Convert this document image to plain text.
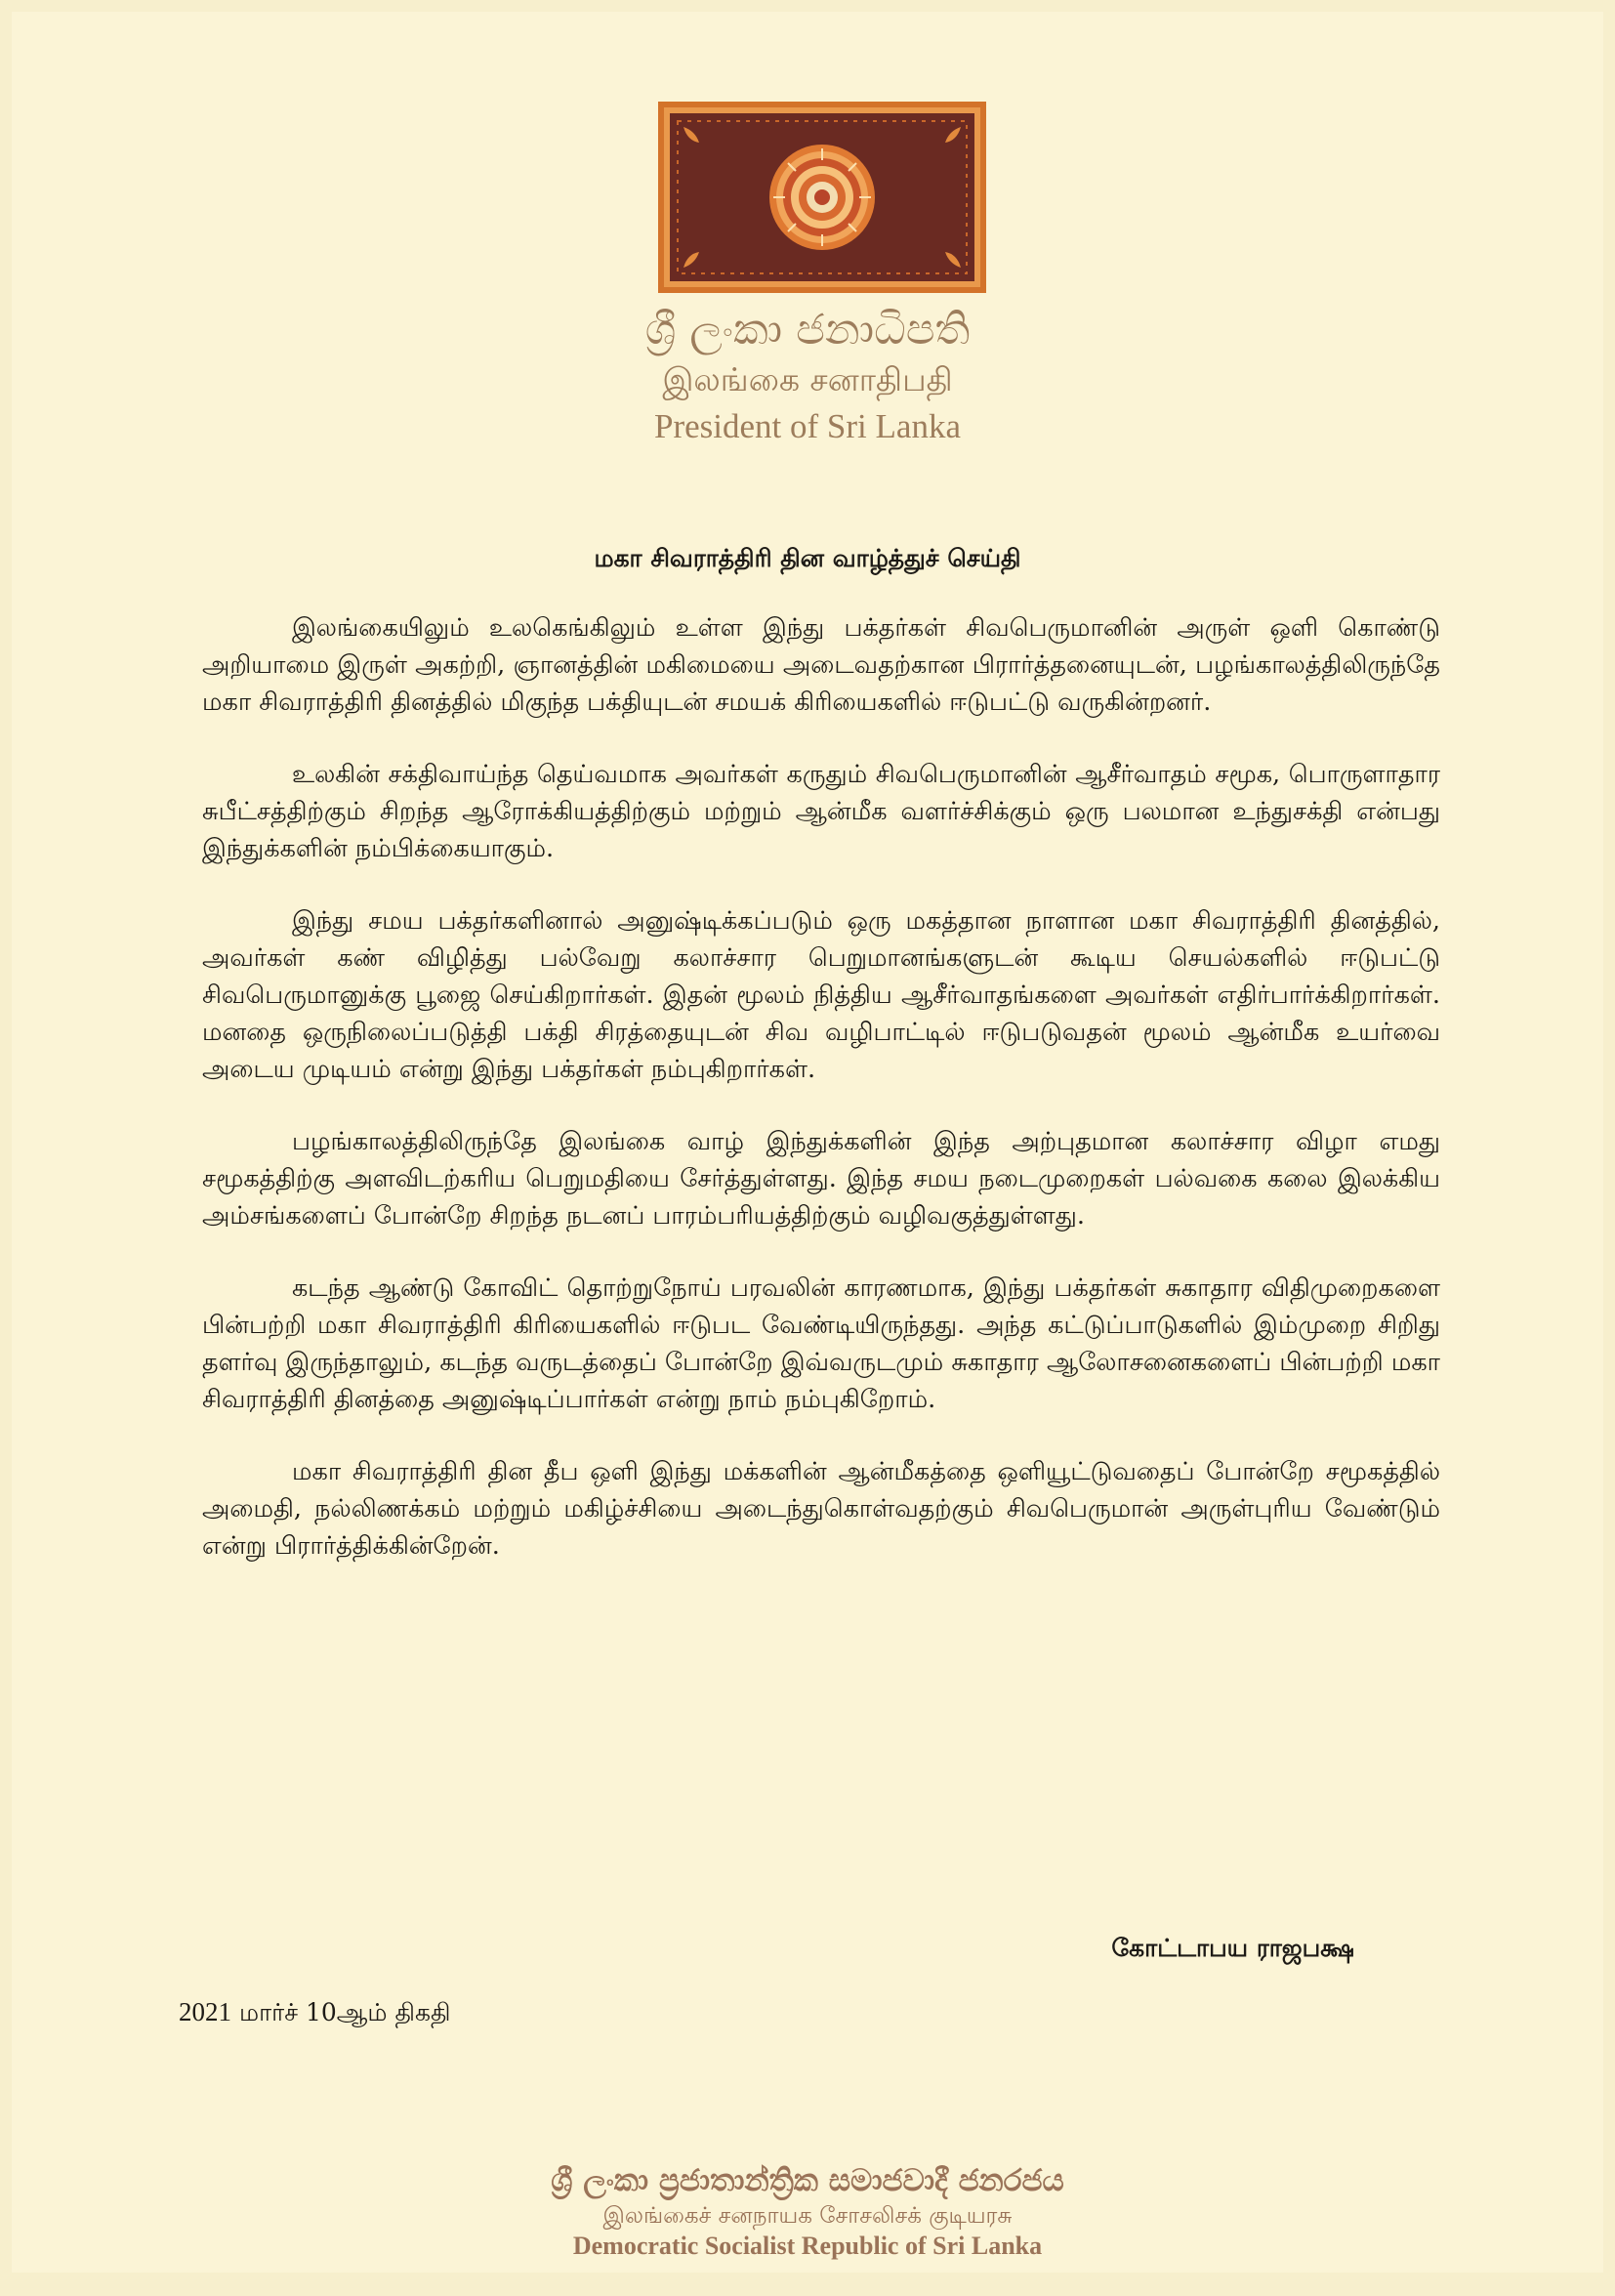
ශ්‍රී ලංකා ජනාධිපති
இலங்கை சனாதிபதி
President of Sri Lanka
மகா சிவராத்திரி தின வாழ்த்துச் செய்தி

இலங்கையிலும் உலகெங்கிலும் உள்ள இந்து பக்தர்கள் சிவபெருமானின் அருள் ஒளி கொண்டு அறியாமை இருள் அகற்றி, ஞானத்தின் மகிமையை அடைவதற்கான பிரார்த்தனையுடன், பழங்காலத்திலிருந்தே மகா சிவராத்திரி தினத்தில் மிகுந்த பக்தியுடன் சமயக் கிரியைகளில் ஈடுபட்டு வருகின்றனர்.

உலகின் சக்திவாய்ந்த தெய்வமாக அவர்கள் கருதும் சிவபெருமானின் ஆசீர்வாதம் சமூக, பொருளாதார சுபீட்சத்திற்கும் சிறந்த ஆரோக்கியத்திற்கும் மற்றும் ஆன்மீக வளர்ச்சிக்கும் ஒரு பலமான உந்துசக்தி என்பது இந்துக்களின் நம்பிக்கையாகும்.

இந்து சமய பக்தர்களினால் அனுஷ்டிக்கப்படும் ஒரு மகத்தான நாளான மகா சிவராத்திரி தினத்தில், அவர்கள் கண் விழித்து பல்வேறு கலாச்சார பெறுமானங்களுடன் கூடிய செயல்களில் ஈடுபட்டு சிவபெருமானுக்கு பூஜை செய்கிறார்கள். இதன் மூலம் நித்திய ஆசீர்வாதங்களை அவர்கள் எதிர்பார்க்கிறார்கள். மனதை ஒருநிலைப்படுத்தி பக்தி சிரத்தையுடன் சிவ வழிபாட்டில் ஈடுபடுவதன் மூலம் ஆன்மீக உயர்வை அடைய முடியம் என்று இந்து பக்தர்கள் நம்புகிறார்கள்.

பழங்காலத்திலிருந்தே இலங்கை வாழ் இந்துக்களின் இந்த அற்புதமான கலாச்சார விழா எமது சமூகத்திற்கு அளவிடற்கரிய பெறுமதியை சேர்த்துள்ளது. இந்த சமய நடைமுறைகள் பல்வகை கலை இலக்கிய அம்சங்களைப் போன்றே சிறந்த நடனப் பாரம்பரியத்திற்கும் வழிவகுத்துள்ளது.

கடந்த ஆண்டு கோவிட் தொற்றுநோய் பரவலின் காரணமாக, இந்து பக்தர்கள் சுகாதார விதிமுறைகளை பின்பற்றி மகா சிவராத்திரி கிரியைகளில் ஈடுபட வேண்டியிருந்தது. அந்த கட்டுப்பாடுகளில் இம்முறை சிறிது தளர்வு இருந்தாலும், கடந்த வருடத்தைப் போன்றே இவ்வருடமும் சுகாதார ஆலோசனைகளைப் பின்பற்றி மகா சிவராத்திரி தினத்தை அனுஷ்டிப்பார்கள் என்று நாம் நம்புகிறோம்.

மகா சிவராத்திரி தின தீப ஒளி இந்து மக்களின் ஆன்மீகத்தை ஒளியூட்டுவதைப் போன்றே சமூகத்தில் அமைதி, நல்லிணக்கம் மற்றும் மகிழ்ச்சியை அடைந்துகொள்வதற்கும் சிவபெருமான் அருள்புரிய வேண்டும் என்று பிரார்த்திக்கின்றேன்.

கோட்டாபய ராஜபக்ஷ
2021 மார்ச் 10ஆம் திகதி
ශ්‍රී ලංකා ප්‍රජාතාන්ත්‍රික සමාජවාදී ජනරජය
இலங்கைச் சனநாயக சோசலிசக் குடியரசு
Democratic Socialist Republic of Sri Lanka
